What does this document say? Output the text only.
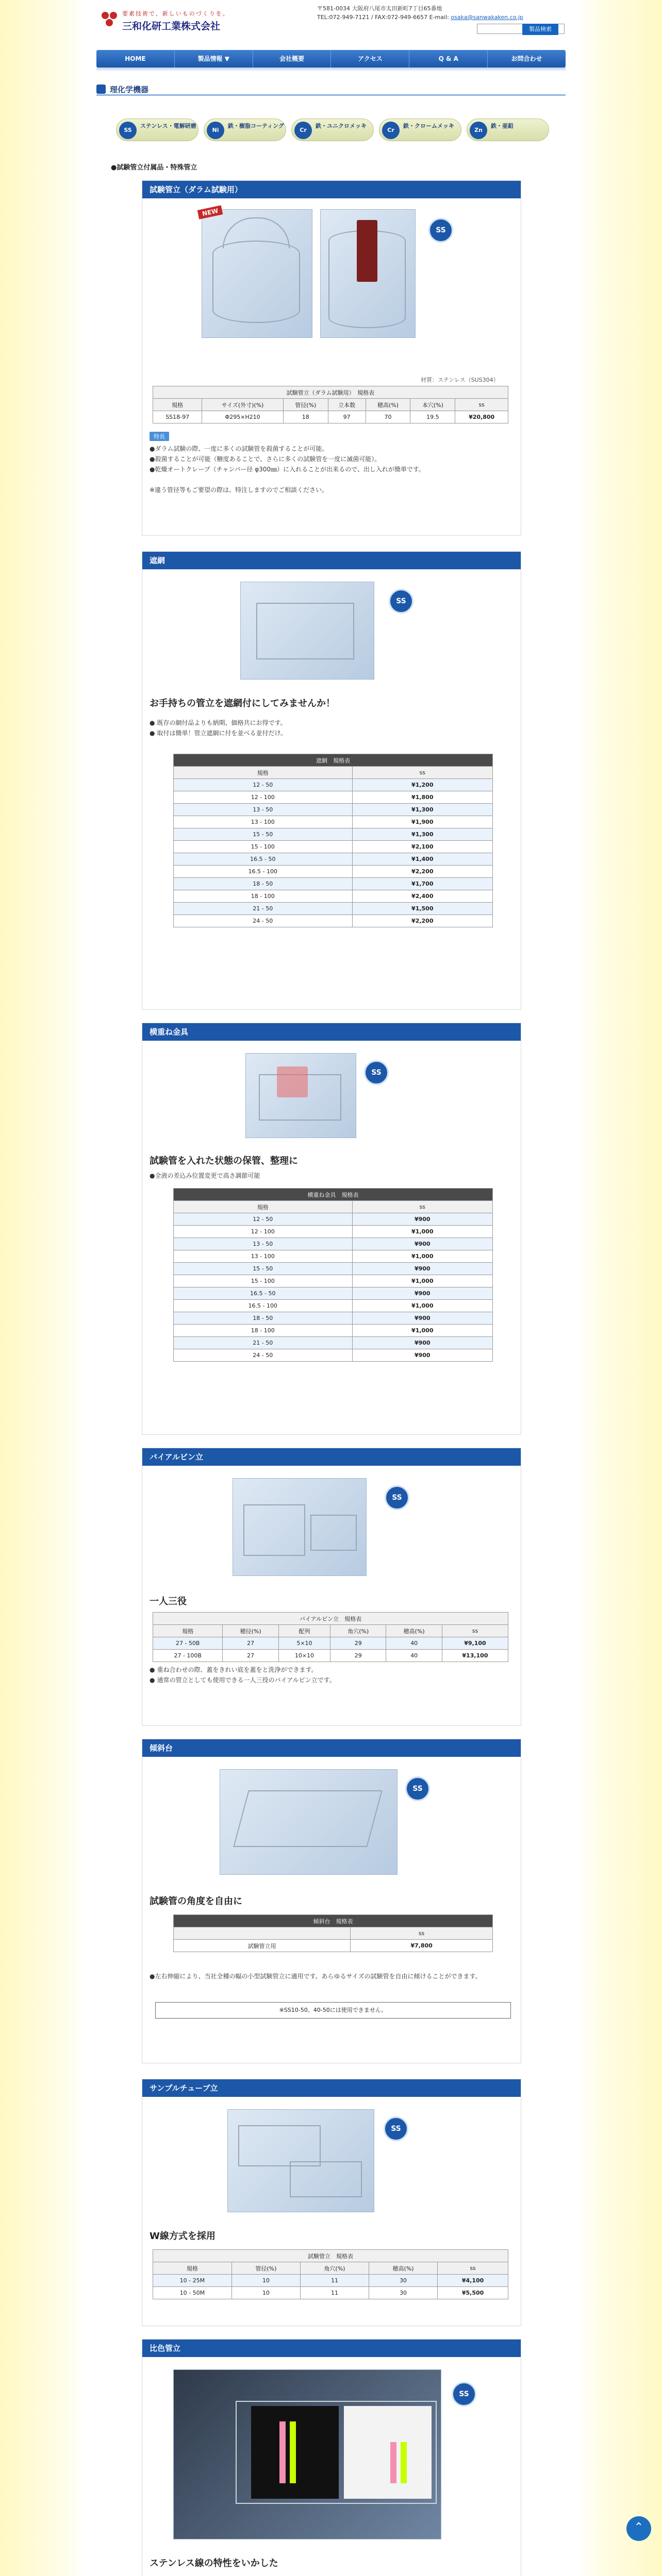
要素技術で、新しいものづくりを。
三和化研工業株式会社
〒581-0034 大阪府八尾市太田新町7丁目65番地
TEL:072-949-7121 / FAX:072-949-6657 E-mail: osaka@sanwakaken.co.jp
製品検索
HOME	製品情報 ▼	会社概要	アクセス	Q & A	お問合わせ
理化学機器
SS
ステンレス・電解研磨
Ni
鉄・樹脂コーティング
Cr
鉄・ユニクロメッキ
Cr
鉄・クロームメッキ
Zn
鉄・亜鉛
●試験管立付属品・特殊管立
試験管立（ダラム試験用）
NEW
SS
材質：ステンレス（SUS304）
試験管立（ダラム試験用）　規格表						
規格	サイズ(外寸)(%)	管径(%)	立本数	穂高(%)	本穴(%)	ss
SS18-97	Φ295×H210	18	97	70	19.5	¥20,800
特長
●ダラム試験の際、一度に多くの試験管を殺菌することが可能。
●殺菌することが可能（糖度あることで、さらに多くの試験管を一度に滅菌可能）。
●乾燥オートクレーブ（チャンバー径 φ300㎜）に入れることが出来るので、出し入れが簡単です。
※違う管径等もご要望の際は、特注しますのでご相談ください。
遮網
SS
お手持ちの管立を遮網付にしてみませんか！
● 既存の網付品よりも納期、価格共にお得です。
● 取付は簡単！管立遮網に付を並べる並付だけ。
遮網　規格表	
規格	ss
12 - 50	¥1,200
12 - 100	¥1,800
13 - 50	¥1,300
13 - 100	¥1,900
15 - 50	¥1,300
15 - 100	¥2,100
16.5 - 50	¥1,400
16.5 - 100	¥2,200
18 - 50	¥1,700
18 - 100	¥2,400
21 - 50	¥1,500
24 - 50	¥2,200
横重ね金具
SS
試験管を入れた状態の保管、整理に
●全液の差込み位置変更で高さ調節可能
横重ね金具　規格表	
規格	ss
12 - 50	¥900
12 - 100	¥1,000
13 - 50	¥900
13 - 100	¥1,000
15 - 50	¥900
15 - 100	¥1,000
16.5 - 50	¥900
16.5 - 100	¥1,000
18 - 50	¥900
18 - 100	¥1,000
21 - 50	¥900
24 - 50	¥900
バイアルビン立
SS
一人三役
バイアルビン立　規格表					
規格	穂径(%)	配列	角穴(%)	穂高(%)	ss
27 - 50B	27	5×10	29	40	¥9,100
27 - 100B	27	10×10	29	40	¥13,100
● 重ね合わせの際、蓋をきれい底を蓋をと洗浄ができます。
● 通常の管立としても使用できる一人三役のバイアルビン立です。
傾斜台
SS
試験管の角度を自由に
傾斜台　規格表	
	ss
試験管立用	¥7,800
●左右伸縮により、当社全種の幅の小型試験管立に適用です。あらゆるサイズの試験管を自由に傾けることができます。
※SS10-50、40-50には使用できません。
サンプルチューブ立
SS
W線方式を採用
試験管立　規格表				
規格	管径(%)	角穴(%)	穂高(%)	ss
10 - 25M	10	11	30	¥4,100
10 - 50M	10	11	30	¥5,500
比色管立
SS
ステンレス線の特性をいかした

⌃
